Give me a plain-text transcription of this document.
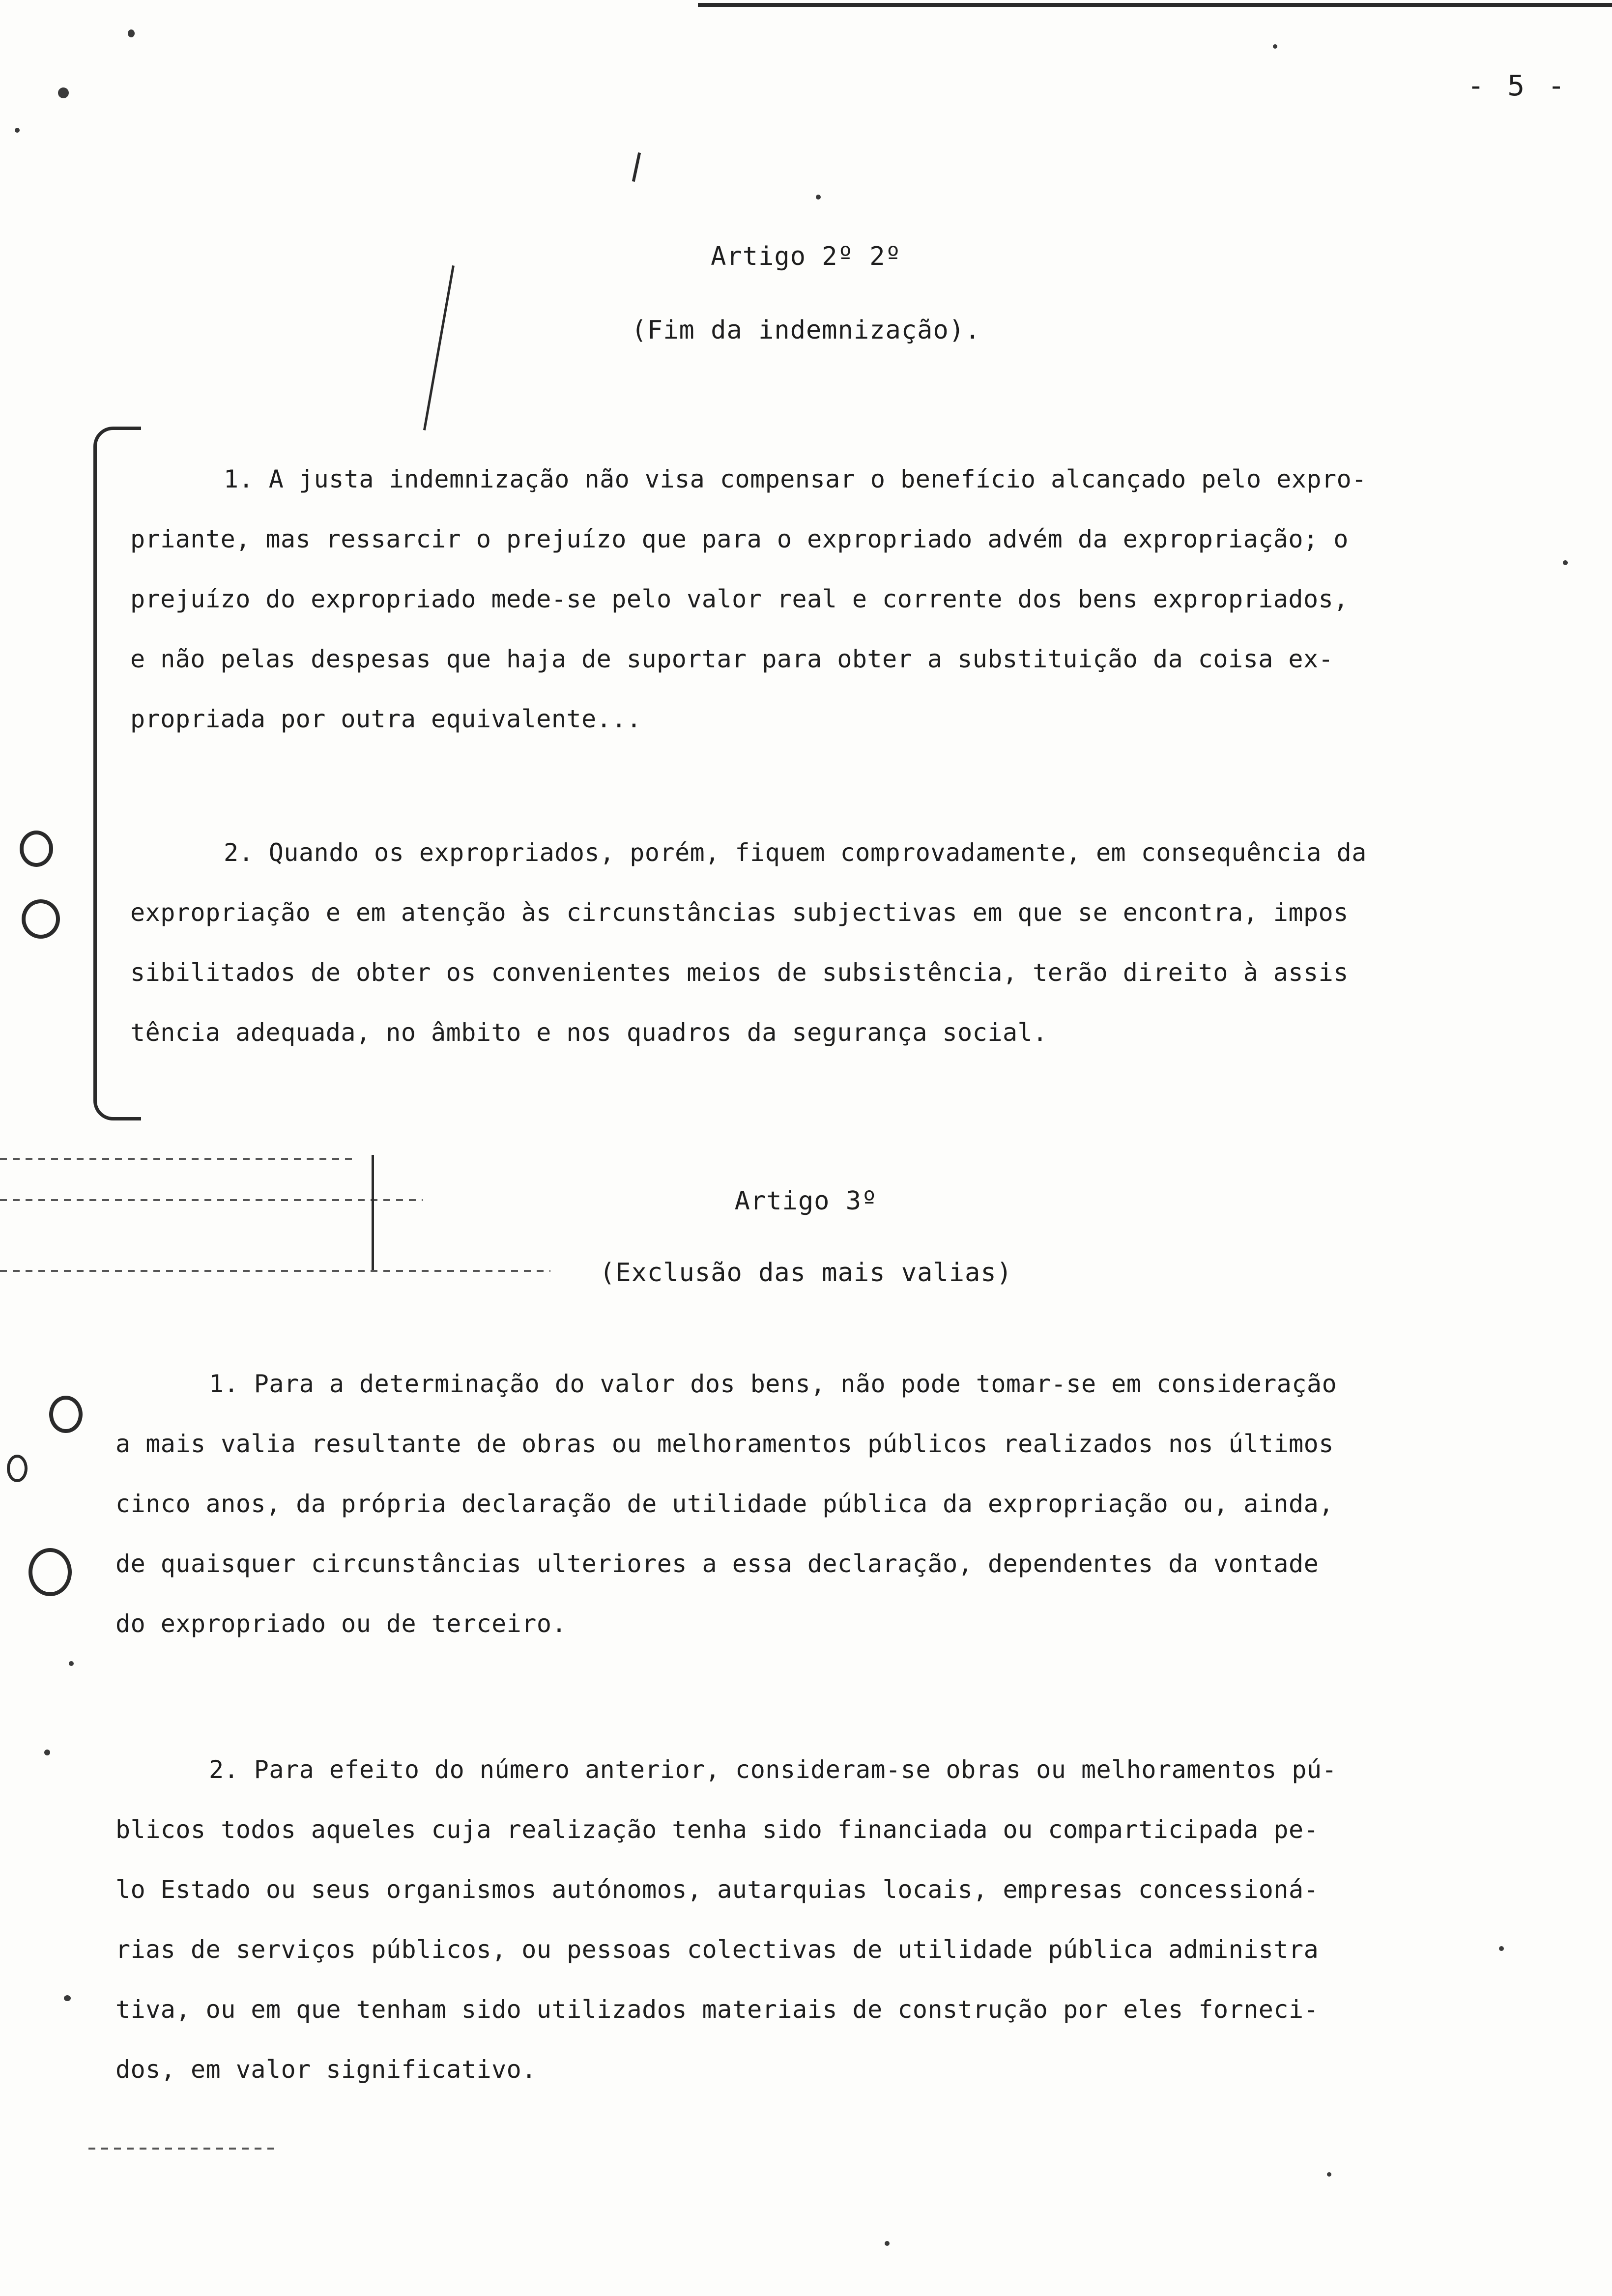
- 5 -
Artigo 2º 2º
(Fim da indemnização).
1. A justa indemnização não visa compensar o benefício alcançado pelo expro-
priante, mas ressarcir o prejuízo que para o expropriado advém da expropriação; o
prejuízo do expropriado mede-se pelo valor real e corrente dos bens expropriados,
e não pelas despesas que haja de suportar para obter a substituição da coisa ex-
propriada por outra equivalente...
2. Quando os expropriados, porém, fiquem comprovadamente, em consequência da
expropriação e em atenção às circunstâncias subjectivas em que se encontra, impos
sibilitados de obter os convenientes meios de subsistência, terão direito à assis
tência adequada, no âmbito e nos quadros da segurança social.
Artigo 3º
(Exclusão das mais valias)
1. Para a determinação do valor dos bens, não pode tomar-se em consideração
a mais valia resultante de obras ou melhoramentos públicos realizados nos últimos
cinco anos, da própria declaração de utilidade pública da expropriação ou, ainda,
de quaisquer circunstâncias ulteriores a essa declaração, dependentes da vontade
do expropriado ou de terceiro.
2. Para efeito do número anterior, consideram-se obras ou melhoramentos pú-
blicos todos aqueles cuja realização tenha sido financiada ou comparticipada pe-
lo Estado ou seus organismos autónomos, autarquias locais, empresas concessioná-
rias de serviços públicos, ou pessoas colectivas de utilidade pública administra
tiva, ou em que tenham sido utilizados materiais de construção por eles forneci-
dos, em valor significativo.
